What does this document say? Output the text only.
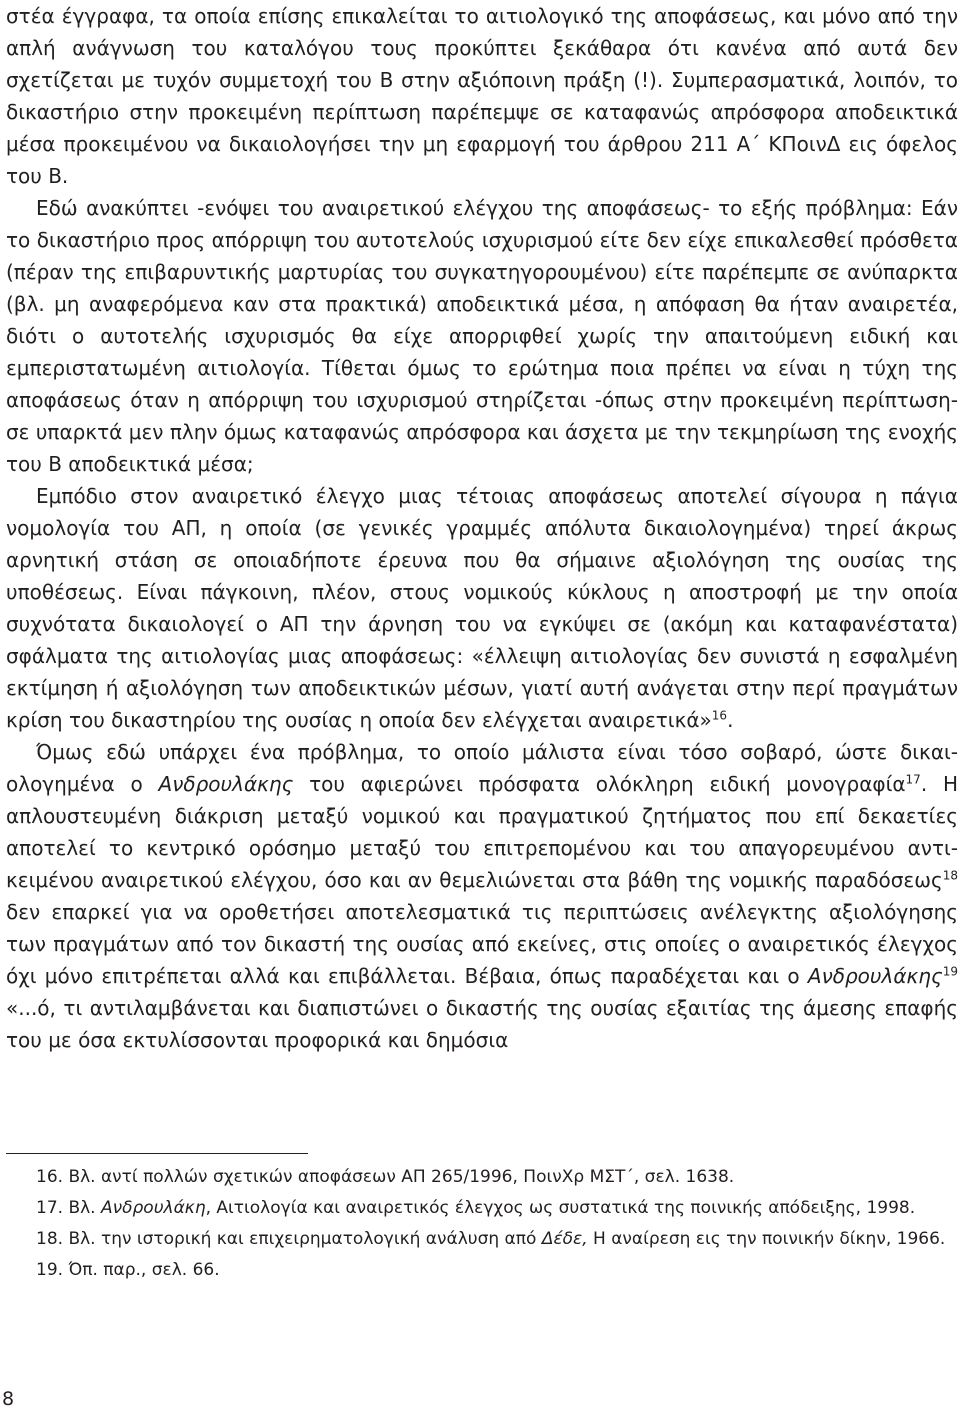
στέα έγγραφα, τα οποία επίσης επικαλείται το αιτιολογικό της αποφάσεως, και μόνο από την απλή ανάγνωση του καταλόγου τους προκύπτει ξεκάθαρα ότι κανένα από αυτά δεν σχετίζεται με τυχόν συμμετοχή του Β στην αξιόποινη πράξη (!). Συμπερασματικά, λοιπόν, το δικαστήριο στην προκειμένη περίπτωση παρέπεμψε σε καταφανώς απρόσφορα αποδεικτικά μέσα προκειμένου να δικαιολογήσει την μη εφαρμογή του άρθρου 211 Α΄ ΚΠοινΔ εις όφελος του Β.

Εδώ ανακύπτει -ενόψει του αναιρετικού ελέγχου της αποφάσεως- το εξής πρόβλημα: Εάν το δικαστήριο προς απόρριψη του αυτοτελούς ισχυρισμού είτε δεν είχε επικαλεσθεί πρόσθετα (πέραν της επιβαρυντικής μαρτυρίας του συγκατηγορουμένου) είτε παρέπεμπε σε ανύπαρκτα (βλ. μη αναφερόμενα καν στα πρακτικά) αποδεικτικά μέσα, η απόφαση θα ήταν αναιρετέα, διότι ο αυτοτελής ισχυρισμός θα είχε απορριφθεί χωρίς την απαιτούμενη ειδική και εμπεριστατωμένη αιτιολογία. Τίθεται όμως το ερώτημα ποια πρέπει να είναι η τύχη της αποφάσεως όταν η απόρριψη του ισχυρισμού στηρίζεται -όπως στην προκειμένη περίπτωση- σε υπαρκτά μεν πλην όμως καταφανώς απρόσφορα και άσχετα με την τεκμηρίωση της ενοχής του Β αποδεικτικά μέσα;

Εμπόδιο στον αναιρετικό έλεγχο μιας τέτοιας αποφάσεως αποτελεί σίγουρα η πάγια νομολογία του ΑΠ, η οποία (σε γενικές γραμμές απόλυτα δικαιολογημένα) τηρεί άκρως αρνητική στάση σε οποιαδήποτε έρευνα που θα σήμαινε αξιολόγηση της ουσίας της υποθέσεως. Είναι πάγκοινη, πλέον, στους νομικούς κύκλους η αποστροφή με την οποία συχνότατα δικαιολογεί ο ΑΠ την άρνηση του να εγκύψει σε (ακόμη και καταφανέστατα) σφάλματα της αιτιολογίας μιας αποφάσεως: «έλλειψη αιτιολογίας δεν συνιστά η εσφαλμένη εκτίμηση ή αξιολόγηση των αποδεικτικών μέσων, γιατί αυτή ανάγεται στην περί πραγμάτων κρίση του δικαστηρίου της ουσίας η οποία δεν ελέγχεται αναιρετικά»$^{16}$.

Όμως εδώ υπάρχει ένα πρόβλημα, το οποίο μάλιστα είναι τόσο σοβαρό, ώστε δικαιολογημένα ο Ανδρουλάκης του αφιερώνει πρόσφατα ολόκληρη ειδική μονογραφία$^{17}$. Η απλουστευμένη διάκριση μεταξύ νομικού και πραγματικού ζητήματος που επί δεκαετίες αποτελεί το κεντρικό ορόσημο μεταξύ του επιτρεπομένου και του απαγορευμένου αντικειμένου αναιρετικού ελέγχου, όσο και αν θεμελιώνεται στα βάθη της νομικής παραδόσεως$^{18}$ δεν επαρκεί για να οροθετήσει αποτελεσματικά τις περιπτώσεις ανέλεγκτης αξιολόγησης των πραγμάτων από τον δικαστή της ουσίας από εκείνες, στις οποίες ο αναιρετικός έλεγχος όχι μόνο επιτρέπεται αλλά και επιβάλλεται. Βέβαια, όπως παραδέχεται και ο Ανδρουλάκης$^{19}$ «...ό, τι αντιλαμβάνεται και διαπιστώνει ο δικαστής της ουσίας εξαιτίας της άμεσης επαφής του με όσα εκτυλίσσονται προφορικά και δημόσια

16. Βλ. αντί πολλών σχετικών αποφάσεων ΑΠ 265/1996, ΠοινΧρ ΜΣΤ΄, σελ. 1638.

17. Βλ. Ανδρουλάκη, Αιτιολογία και αναιρετικός έλεγχος ως συστατικά της ποινικής απόδειξης, 1998.

18. Βλ. την ιστορική και επιχειρηματολογική ανάλυση από Δέδε, Η αναίρεση εις την ποινικήν δίκην, 1966.

19. Όπ. παρ., σελ. 66.

8
